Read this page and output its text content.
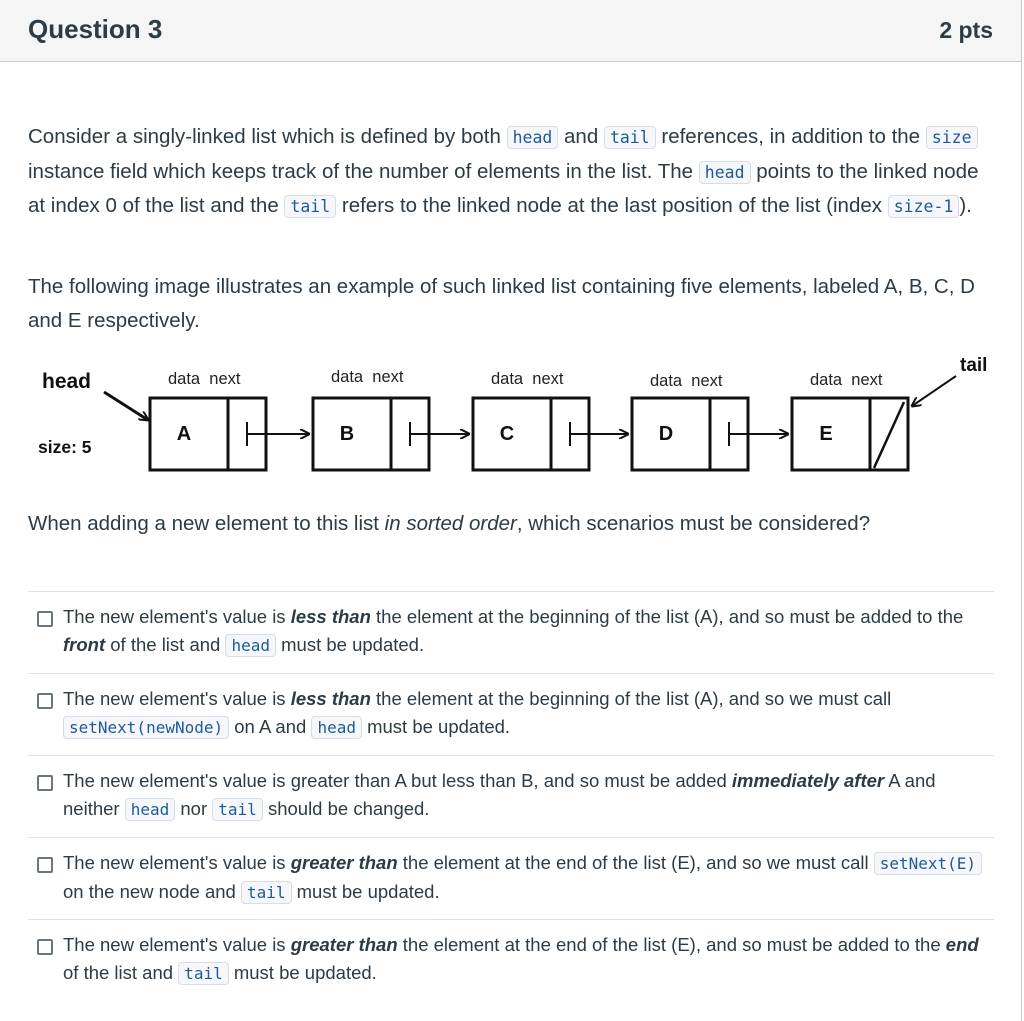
Question 3	2 pts

Consider a singly-linked list which is defined by both head and tail references, in addition to the size instance field which keeps track of the number of elements in the list. The head points to the linked node at index 0 of the list and the tail refers to the linked node at the last position of the list (index size-1 ).

The following image illustrates an example of such linked list containing five elements, labeled A, B, C, D and E respectively.

A	B	C	D	E
head
tail
size: 5
data next	data next	data next	data next	data next

When adding a new element to this list in sorted order, which scenarios must be considered?

The new element's value is less than the element at the beginning of the list (A), and so must be added to the front of the list and head must be updated.
The new element's value is less than the element at the beginning of the list (A), and so we must call setNext(newNode) on A and head must be updated.
The new element's value is greater than A but less than B, and so must be added immediately after A and neither head nor tail should be changed.
The new element's value is greater than the element at the end of the list (E), and so we must call setNext(E) on the new node and tail must be updated.
The new element's value is greater than the element at the end of the list (E), and so must be added to the end of the list and tail must be updated.
